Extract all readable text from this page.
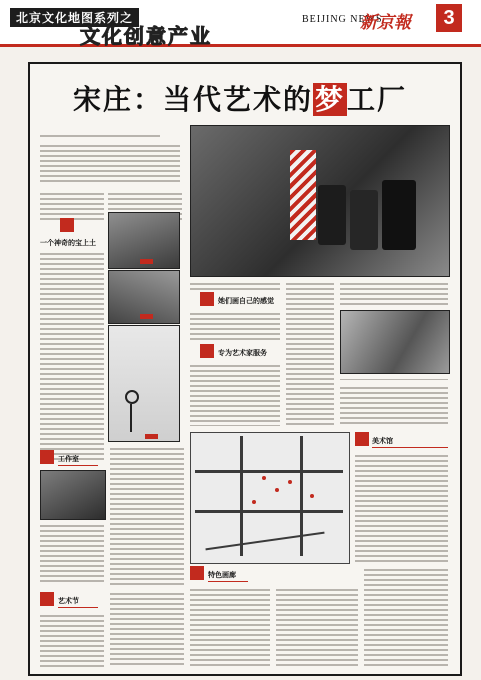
北京文化地图系列之
文化创意产业
BEIJING NEWS
新京報	3
宋庄：当代艺术的梦工厂
一个神奇的宝上土

她们画自己的感觉
专为艺术家服务
美术馆
工作室
艺术节
特色画廊
